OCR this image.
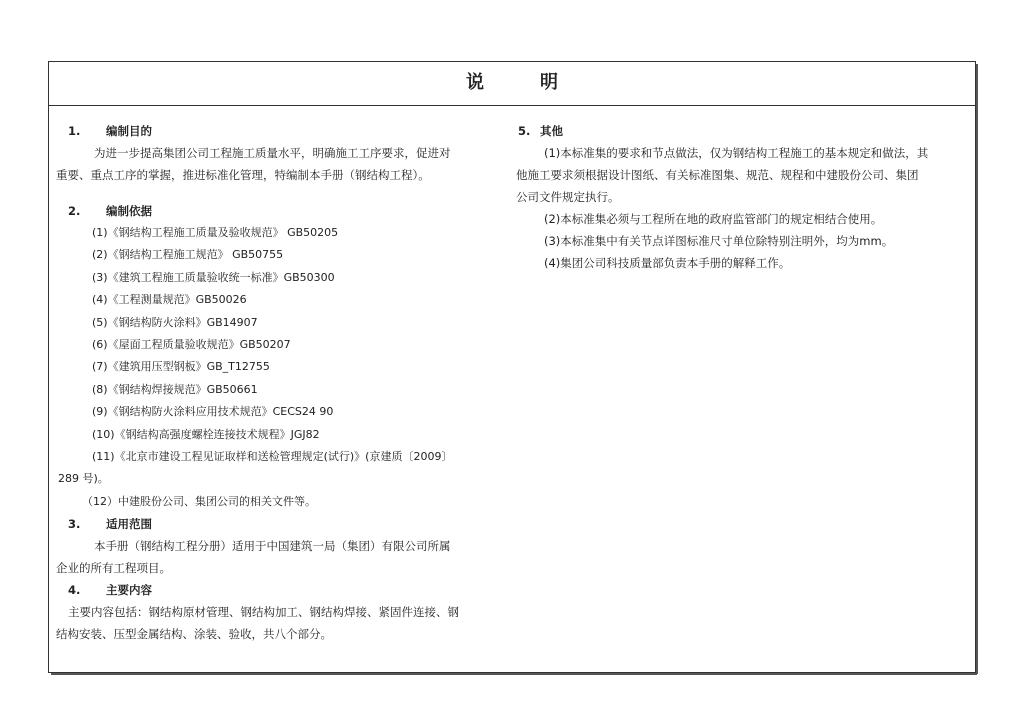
说	明
1. 编制目的
为进一步提高集团公司工程施工质量水平，明确施工工序要求，促进对
重要、重点工序的掌握，推进标准化管理，特编制本手册（钢结构工程）。
2. 编制依据
(1)《钢结构工程施工质量及验收规范》 GB50205
(2)《钢结构工程施工规范》 GB50755
(3)《建筑工程施工质量验收统一标准》GB50300
(4)《工程测量规范》GB50026
(5)《钢结构防火涂料》GB14907
(6)《屋面工程质量验收规范》GB50207
(7)《建筑用压型钢板》GB_T12755
(8)《钢结构焊接规范》GB50661
(9)《钢结构防火涂料应用技术规范》CECS24 90
(10)《钢结构高强度螺栓连接技术规程》JGJ82
(11)《北京市建设工程见证取样和送检管理规定(试行)》(京建质〔2009〕
289 号)。
（12）中建股份公司、集团公司的相关文件等。
3. 适用范围
本手册（钢结构工程分册）适用于中国建筑一局（集团）有限公司所属
企业的所有工程项目。
4. 主要内容
主要内容包括：钢结构原材管理、钢结构加工、钢结构焊接、紧固件连接、钢
结构安装、压型金属结构、涂装、验收，共八个部分。
5. 其他
(1)本标准集的要求和节点做法，仅为钢结构工程施工的基本规定和做法，其
他施工要求须根据设计图纸、有关标准图集、规范、规程和中建股份公司、集团
公司文件规定执行。
(2)本标准集必须与工程所在地的政府监管部门的规定相结合使用。
(3)本标准集中有关节点详图标准尺寸单位除特别注明外，均为mm。
(4)集团公司科技质量部负责本手册的解释工作。
